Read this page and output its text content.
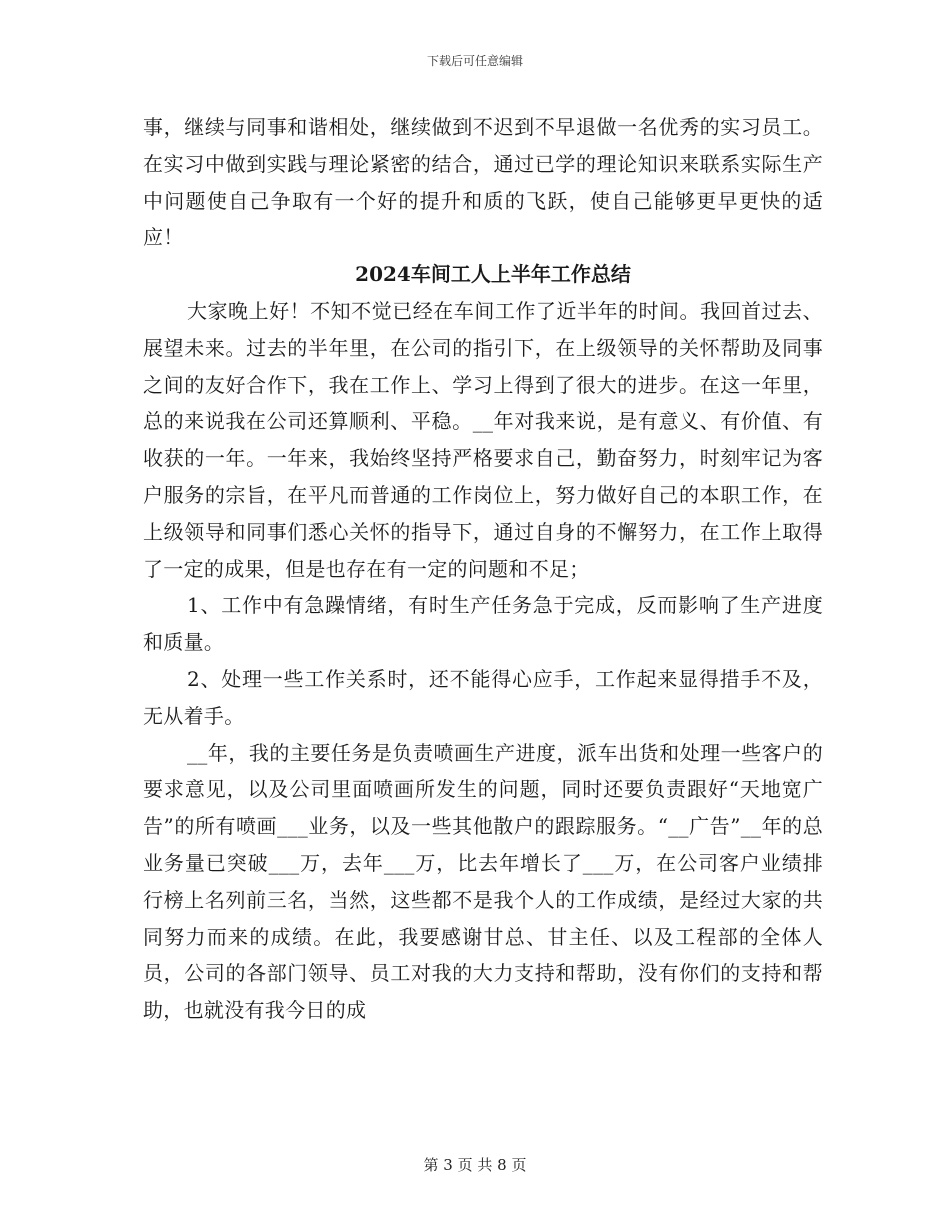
下载后可任意编辑

事，继续与同事和谐相处，继续做到不迟到不早退做一名优秀的实习员工。在实习中做到实践与理论紧密的结合，通过已学的理论知识来联系实际生产中问题使自己争取有一个好的提升和质的飞跃，使自己能够更早更快的适应！

2024车间工人上半年工作总结

大家晚上好！不知不觉已经在车间工作了近半年的时间。我回首过去、展望未来。过去的半年里，在公司的指引下，在上级领导的关怀帮助及同事之间的友好合作下，我在工作上、学习上得到了很大的进步。在这一年里，总的来说我在公司还算顺利、平稳。__年对我来说，是有意义、有价值、有收获的一年。一年来，我始终坚持严格要求自己，勤奋努力，时刻牢记为客户服务的宗旨，在平凡而普通的工作岗位上，努力做好自己的本职工作，在上级领导和同事们悉心关怀的指导下，通过自身的不懈努力，在工作上取得了一定的成果，但是也存在有一定的问题和不足；

1、工作中有急躁情绪，有时生产任务急于完成，反而影响了生产进度和质量。

2、处理一些工作关系时，还不能得心应手，工作起来显得措手不及，无从着手。

__年，我的主要任务是负责喷画生产进度，派车出货和处理一些客户的要求意见，以及公司里面喷画所发生的问题，同时还要负责跟好“天地宽广告”的所有喷画___业务，以及一些其他散户的跟踪服务。“__广告”__年的总业务量已突破___万，去年___万，比去年增长了___万，在公司客户业绩排行榜上名列前三名，当然，这些都不是我个人的工作成绩，是经过大家的共同努力而来的成绩。在此，我要感谢甘总、甘主任、以及工程部的全体人员，公司的各部门领导、员工对我的大力支持和帮助，没有你们的支持和帮助，也就没有我今日的成

第 3 页 共 8 页
